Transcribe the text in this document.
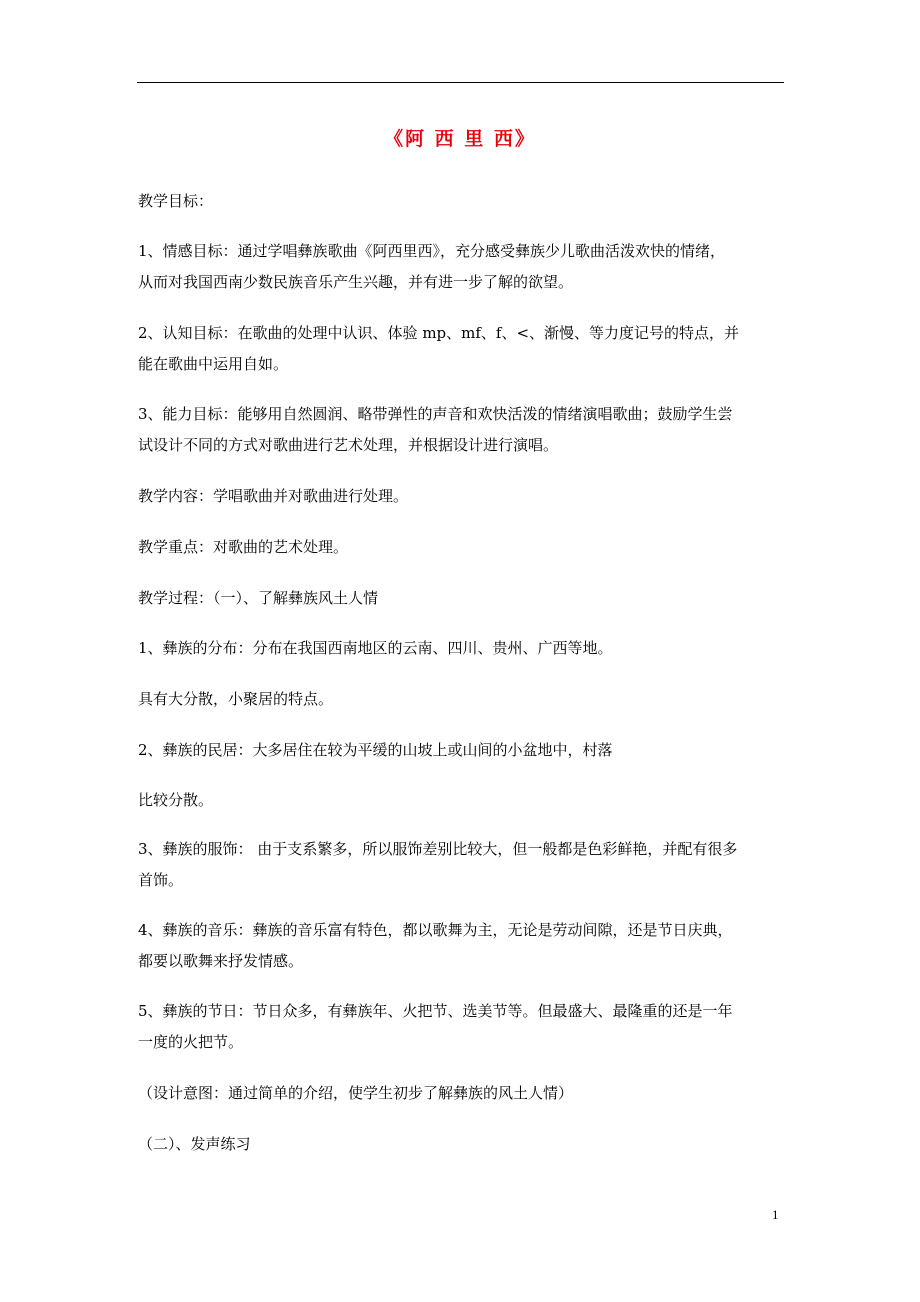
《阿 西 里 西》
教学目标：
1、情感目标：通过学唱彝族歌曲《阿西里西》，充分感受彝族少儿歌曲活泼欢快的情绪，
从而对我国西南少数民族音乐产生兴趣，并有进一步了解的欲望。
2、认知目标：在歌曲的处理中认识、体验 mp、mf、f、<、渐慢、等力度记号的特点，并
能在歌曲中运用自如。
3、能力目标：能够用自然圆润、略带弹性的声音和欢快活泼的情绪演唱歌曲；鼓励学生尝
试设计不同的方式对歌曲进行艺术处理，并根据设计进行演唱。
教学内容：学唱歌曲并对歌曲进行处理。
教学重点：对歌曲的艺术处理。
教学过程：（一）、了解彝族风土人情
1、彝族的分布：分布在我国西南地区的云南、四川、贵州、广西等地。
具有大分散，小聚居的特点。
2、彝族的民居：大多居住在较为平缓的山坡上或山间的小盆地中，村落
比较分散。
3、彝族的服饰： 由于支系繁多，所以服饰差别比较大，但一般都是色彩鲜艳，并配有很多
首饰。
4、彝族的音乐：彝族的音乐富有特色，都以歌舞为主，无论是劳动间隙，还是节日庆典，
都要以歌舞来抒发情感。
5、彝族的节日：节日众多，有彝族年、火把节、选美节等。但最盛大、最隆重的还是一年
一度的火把节。
（设计意图：通过简单的介绍，使学生初步了解彝族的风土人情）
（二）、发声练习
1
